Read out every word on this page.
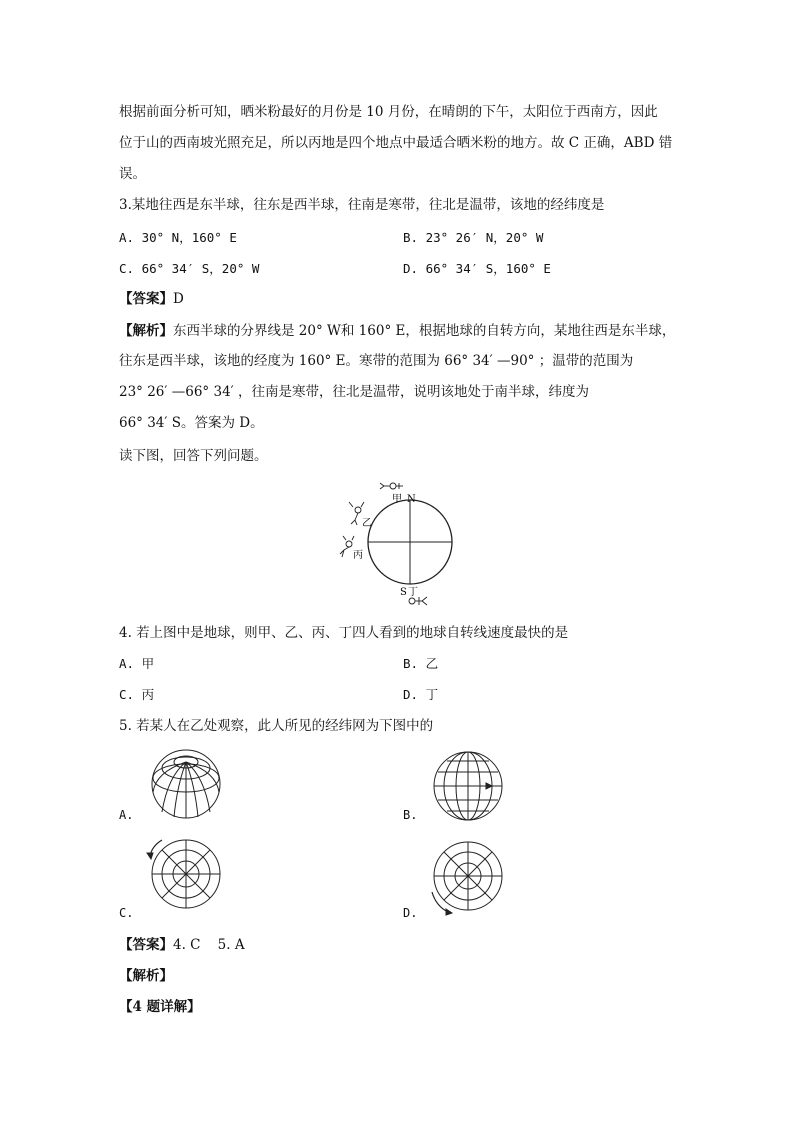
根据前面分析可知，晒米粉最好的月份是 10 月份，在晴朗的下午，太阳位于西南方，因此
位于山的西南坡光照充足，所以丙地是四个地点中最适合晒米粉的地方。故 C 正确，ABD 错
误。
3.某地往西是东半球，往东是西半球，往南是寒带，往北是温带，该地的经纬度是
A. 30° N，160° E	B. 23° 26′ N，20° W
C. 66° 34′ S，20° W	D. 66° 34′ S，160° E
【答案】D
【解析】东西半球的分界线是 20° W和 160° E，根据地球的自转方向，某地往西是东半球，
往东是西半球，该地的经度为 160° E。寒带的范围为 66° 34′ —90° ；温带的范围为
23° 26′ —66° 34′ ，往南是寒带，往北是温带，说明该地处于南半球，纬度为
66° 34′ S。答案为 D。
读下图，回答下列问题。
甲 N
乙
丙
S 丁
4. 若上图中是地球，则甲、乙、丙、丁四人看到的地球自转线速度最快的是
A. 甲	B. 乙
C. 丙	D. 丁
5. 若某人在乙处观察，此人所见的经纬网为下图中的
A.	B.
C.	D.
【答案】4. C    5. A
【解析】
【4 题详解】
